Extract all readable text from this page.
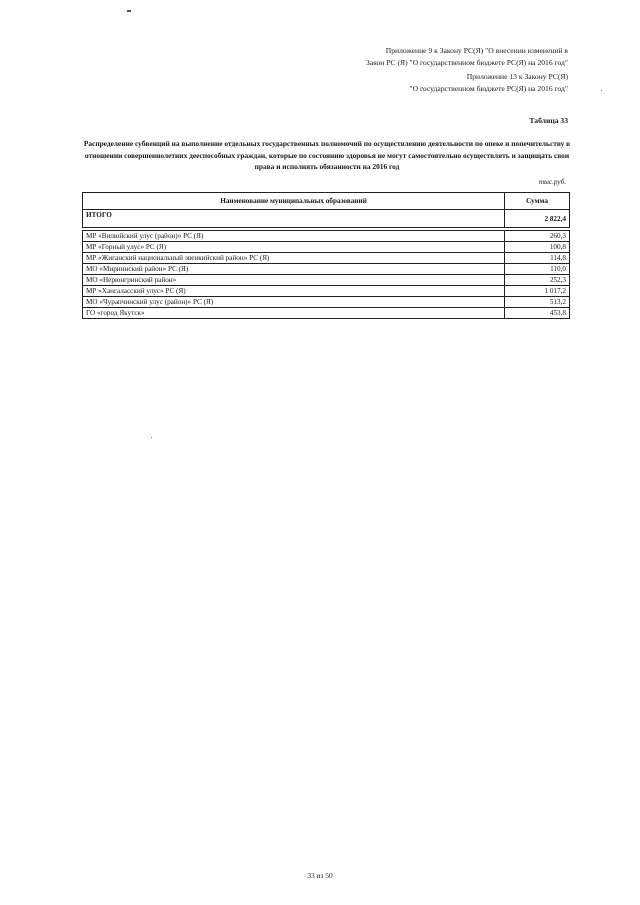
Приложение 9 к Закону РС(Я) "О внесении изменений в
Закон РС (Я) "О государственном бюджете РС(Я) на 2016 год"
Приложение 13 к Закону РС(Я)
"О государственном бюджете РС(Я) на 2016 год"
Таблица 33
Распределение субвенций на выполнение отдельных государственных полномочий по осуществлению деятельности по опеке и попечительству в отношении совершеннолетних дееспособных граждан, которые по состоянию здоровья не могут самостоятельно осуществлять и защищать свои права и исполнять обязанности на 2016 год
тыс.руб.
Наименование муниципальных образований	Сумма
ИТОГО	2 822,4

МР «Вилюйский улус (район)» РС (Я)	260,3
МР «Горный улус» РС (Я)	100,8
МР «Жиганский национальный эвенкийский район» РС (Я)	114,8
МО «Мирнинский район» РС (Я)	110,0
МО «Нерюнгринский район»	252,3
МР «Хангаласский улус» РС (Я)	1 017,2
МО «Чурапчинский улус (район)» РС (Я)	513,2
ГО «город Якутск»	453,8
33 из 50
